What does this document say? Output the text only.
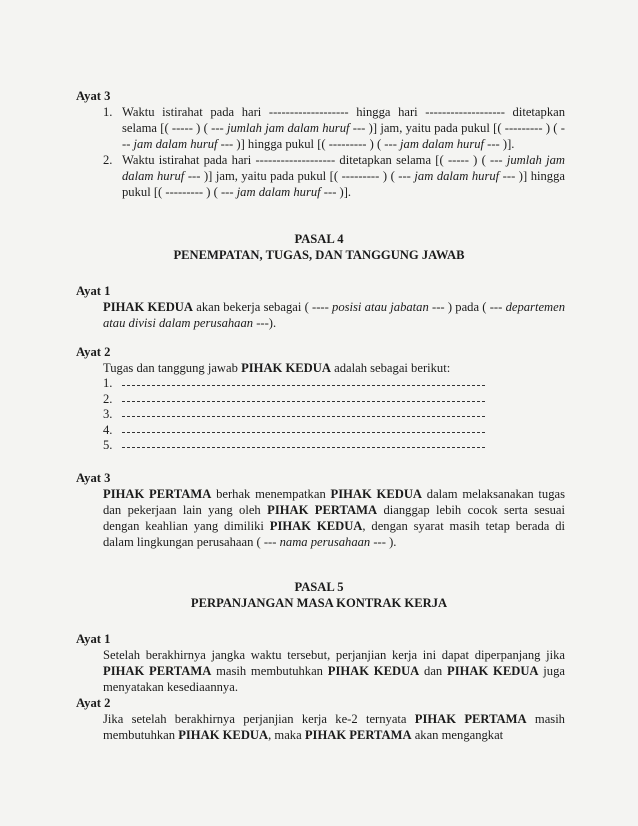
Ayat 3
1. Waktu istirahat pada hari ------------------- hingga hari ------------------- ditetapkan selama [( ----- ) ( --- jumlah jam dalam huruf --- )] jam, yaitu pada pukul [( --------- ) ( --- jam dalam huruf --- )] hingga pukul [( --------- ) ( --- jam dalam huruf --- )].
2. Waktu istirahat pada hari ------------------- ditetapkan selama [( ----- ) ( --- jumlah jam dalam huruf --- )] jam, yaitu pada pukul [( --------- ) ( --- jam dalam huruf --- )] hingga pukul [( --------- ) ( --- jam dalam huruf --- )].
PASAL 4
PENEMPATAN, TUGAS, DAN TANGGUNG JAWAB
Ayat 1
PIHAK KEDUA akan bekerja sebagai ( ---- posisi atau jabatan --- ) pada ( --- departemen atau divisi dalam perusahaan ---).
Ayat 2
Tugas dan tanggung jawab PIHAK KEDUA adalah sebagai berikut:
1.
2.
3.
4.
5.
Ayat 3
PIHAK PERTAMA berhak menempatkan PIHAK KEDUA dalam melaksanakan tugas dan pekerjaan lain yang oleh PIHAK PERTAMA dianggap lebih cocok serta sesuai dengan keahlian yang dimiliki PIHAK KEDUA, dengan syarat masih tetap berada di dalam lingkungan perusahaan ( --- nama perusahaan --- ).
PASAL 5
PERPANJANGAN MASA KONTRAK KERJA
Ayat 1
Setelah berakhirnya jangka waktu tersebut, perjanjian kerja ini dapat diperpanjang jika PIHAK PERTAMA masih membutuhkan PIHAK KEDUA dan PIHAK KEDUA juga menyatakan kesediaannya.
Ayat 2
Jika setelah berakhirnya perjanjian kerja ke-2 ternyata PIHAK PERTAMA masih membutuhkan PIHAK KEDUA, maka PIHAK PERTAMA akan mengangkat
